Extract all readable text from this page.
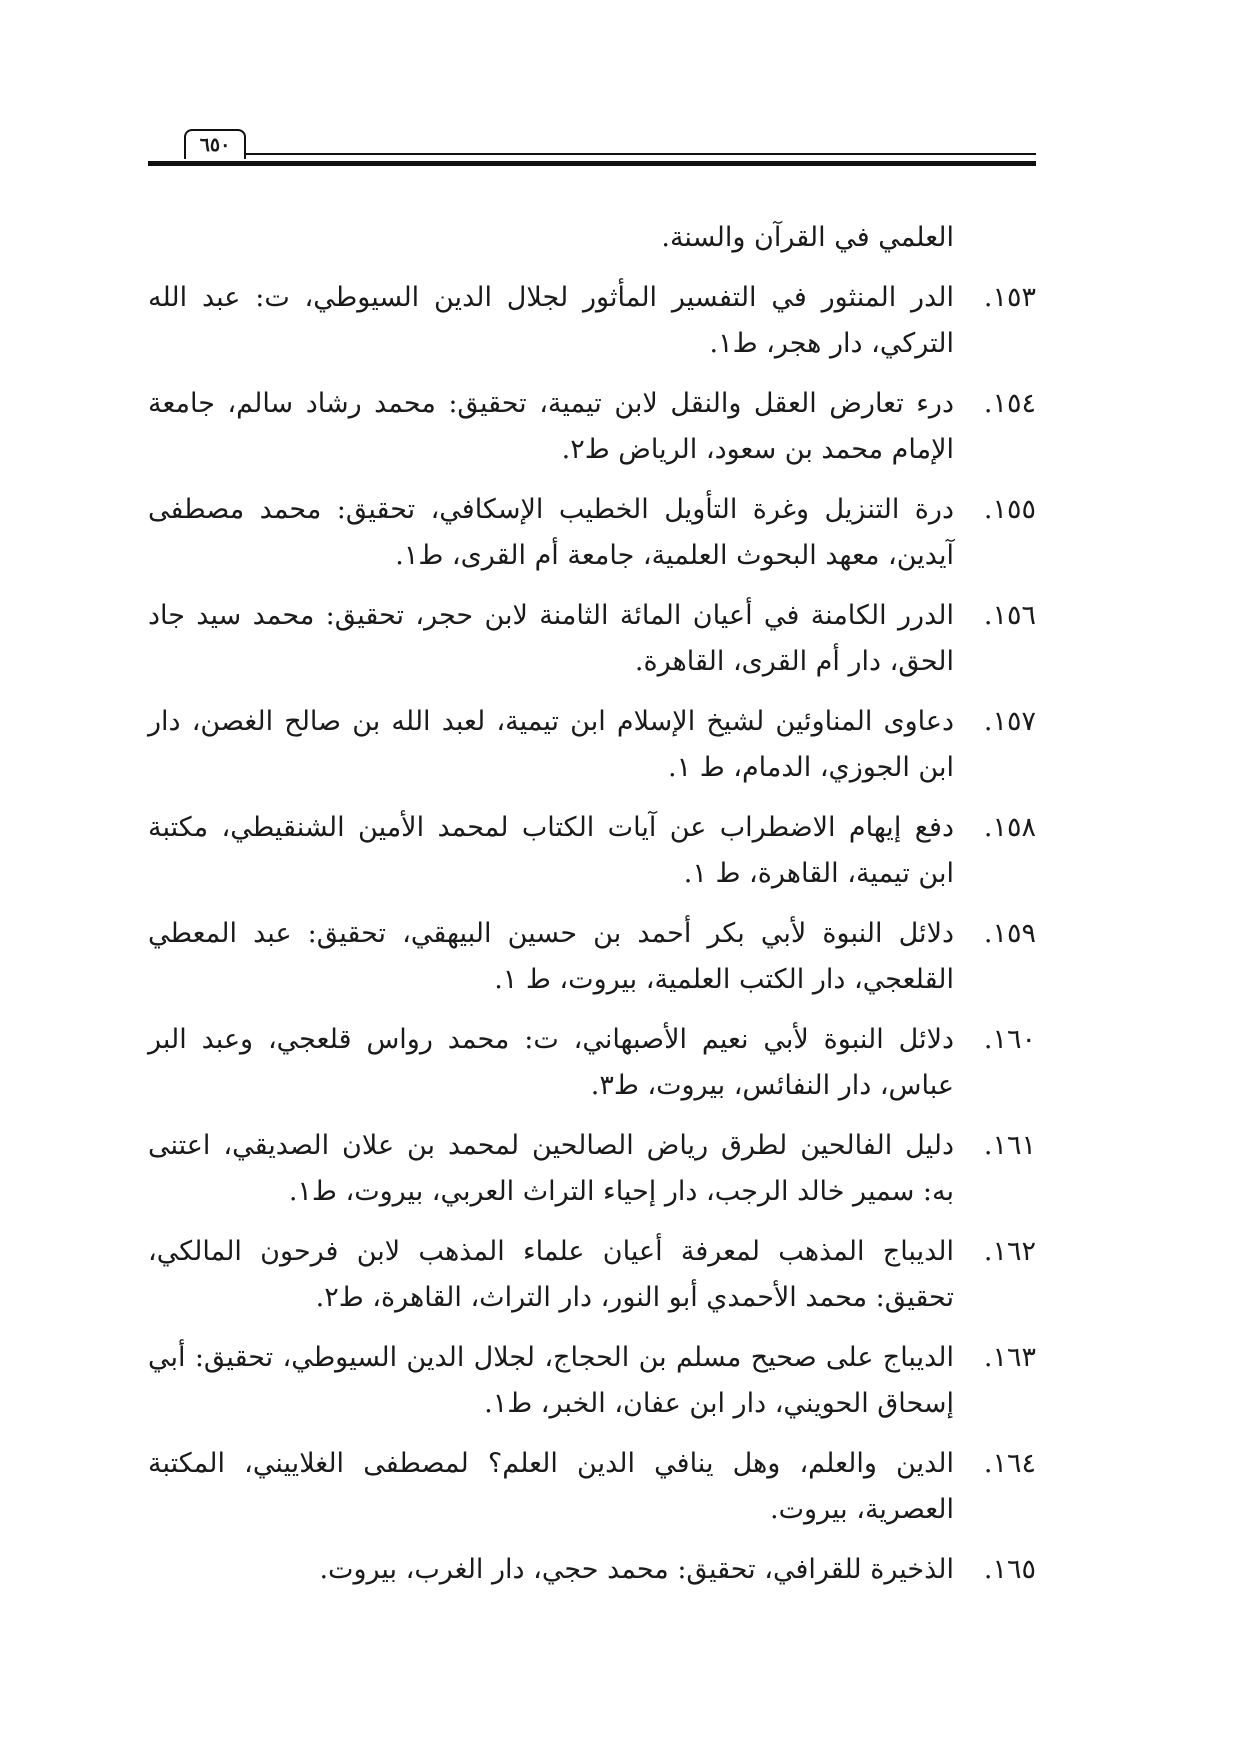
٦٥٠
العلمي في القرآن والسنة.
١٥٣.
الدر المنثور في التفسير المأثور لجلال الدين السيوطي، ت: عبد الله التركي، دار هجر، ط١.
١٥٤.
درء تعارض العقل والنقل لابن تيمية، تحقيق: محمد رشاد سالم، جامعة الإمام محمد بن سعود، الرياض ط٢.
١٥٥.
درة التنزيل وغرة التأويل الخطيب الإسكافي، تحقيق: محمد مصطفى آيدين، معهد البحوث العلمية، جامعة أم القرى، ط١.
١٥٦.
الدرر الكامنة في أعيان المائة الثامنة لابن حجر، تحقيق: محمد سيد جاد الحق، دار أم القرى، القاهرة.
١٥٧.
دعاوى المناوئين لشيخ الإسلام ابن تيمية، لعبد الله بن صالح الغصن، دار ابن الجوزي، الدمام، ط ١.
١٥٨.
دفع إيهام الاضطراب عن آيات الكتاب لمحمد الأمين الشنقيطي، مكتبة ابن تيمية، القاهرة، ط ١.
١٥٩.
دلائل النبوة لأبي بكر أحمد بن حسين البيهقي، تحقيق: عبد المعطي القلعجي، دار الكتب العلمية، بيروت، ط ١.
١٦٠.
دلائل النبوة لأبي نعيم الأصبهاني، ت: محمد رواس قلعجي، وعبد البر عباس، دار النفائس، بيروت، ط٣.
١٦١.
دليل الفالحين لطرق رياض الصالحين لمحمد بن علان الصديقي، اعتنى به: سمير خالد الرجب، دار إحياء التراث العربي، بيروت، ط١.
١٦٢.
الديباج المذهب لمعرفة أعيان علماء المذهب لابن فرحون المالكي، تحقيق: محمد الأحمدي أبو النور، دار التراث، القاهرة، ط٢.
١٦٣.
الديباج على صحيح مسلم بن الحجاج، لجلال الدين السيوطي، تحقيق: أبي إسحاق الحويني، دار ابن عفان، الخبر، ط١.
١٦٤.
الدين والعلم، وهل ينافي الدين العلم؟ لمصطفى الغلاييني، المكتبة العصرية، بيروت.
١٦٥.
الذخيرة للقرافي، تحقيق: محمد حجي، دار الغرب، بيروت.
